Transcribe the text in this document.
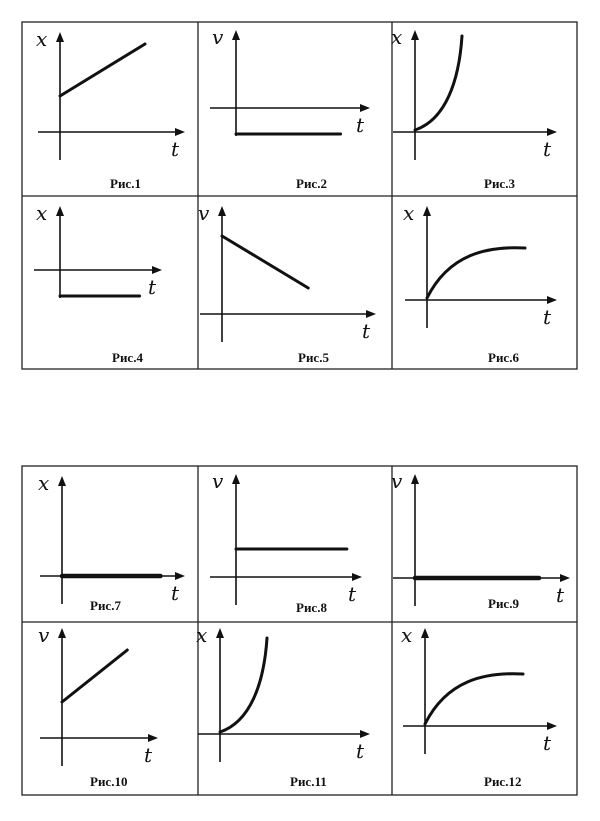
x
t
Рис.1
v
t
Рис.2
x
t
Рис.3
x
t
Рис.4
v
t
Рис.5
x
t
Рис.6
x
t
Рис.7
v
t
Рис.8
v
t
Рис.9
v
t
Рис.10
x
t
Рис.11
x
t
Рис.12
